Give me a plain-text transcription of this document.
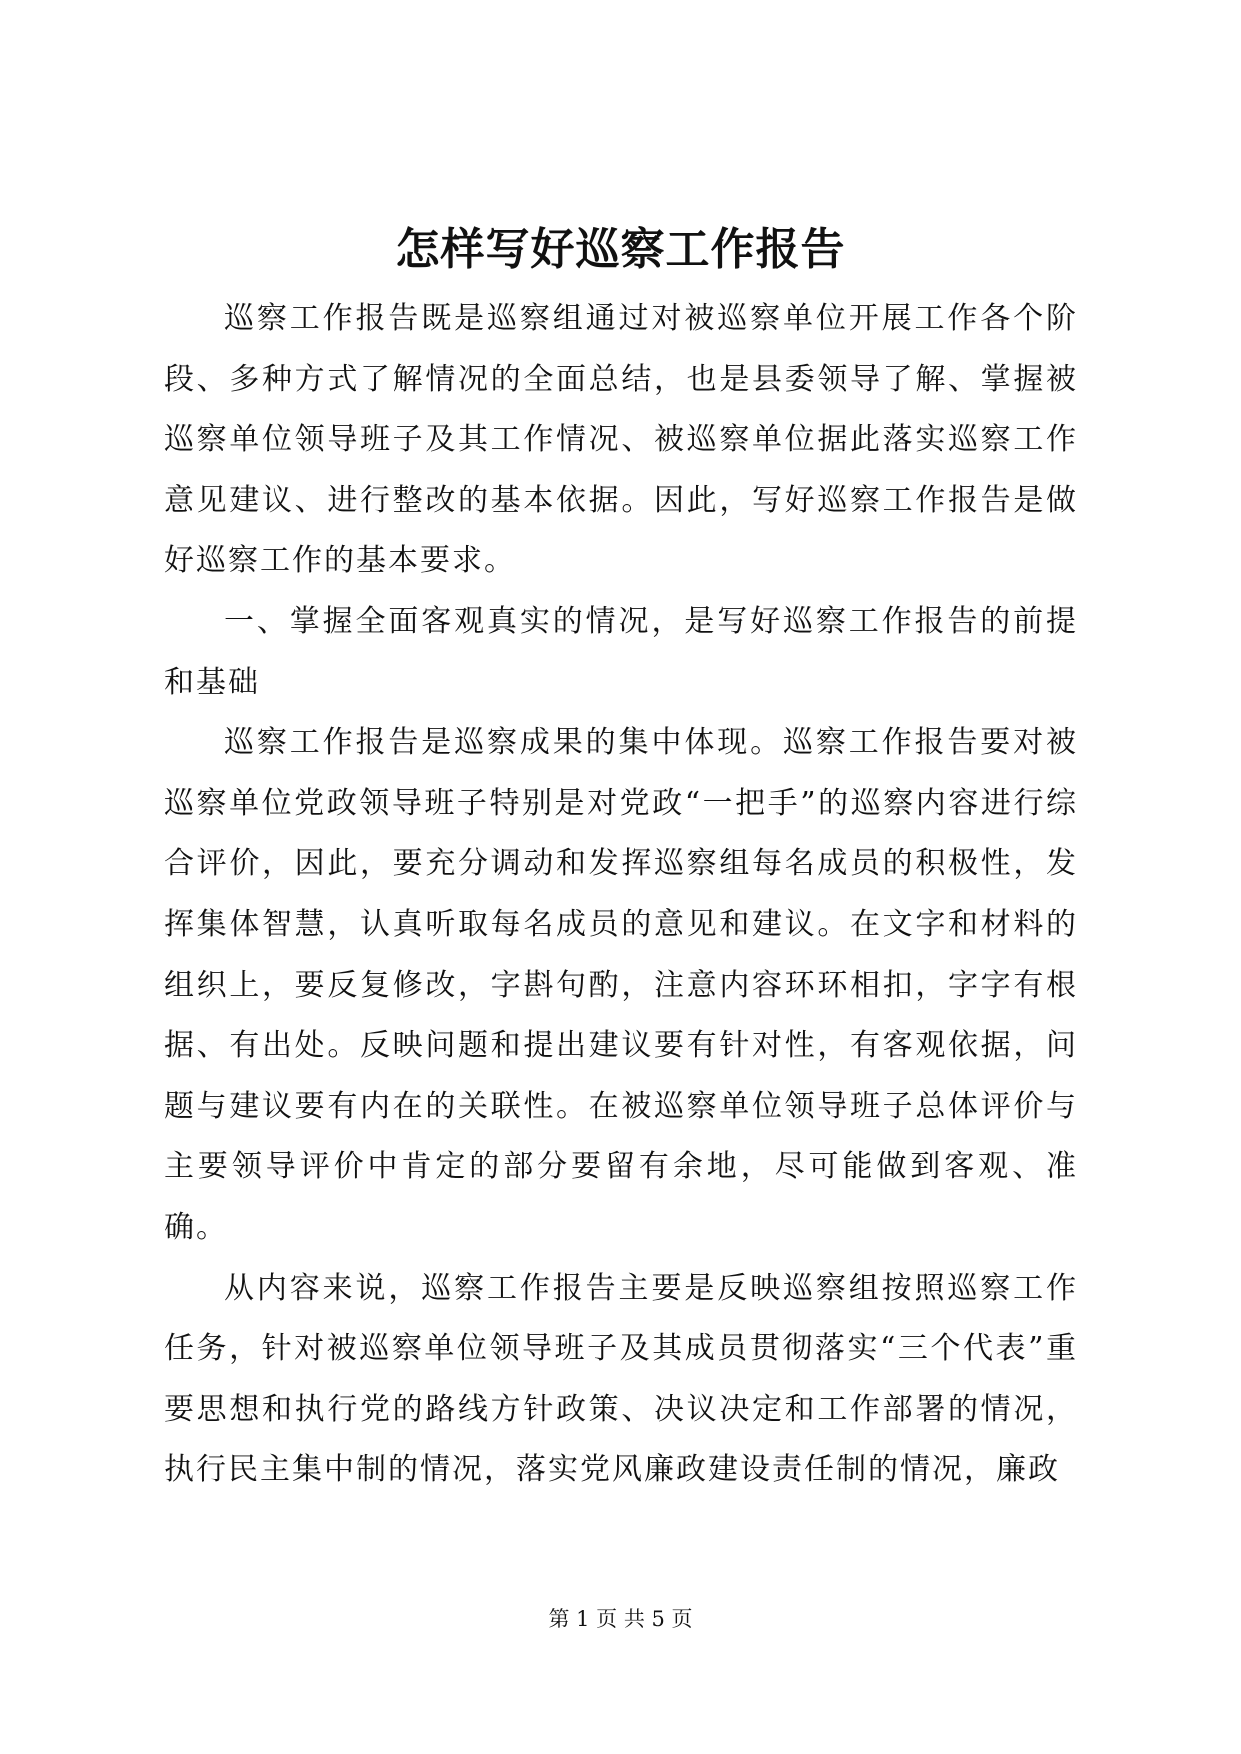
怎样写好巡察工作报告

巡察工作报告既是巡察组通过对被巡察单位开展工作各个阶段、多种方式了解情况的全面总结，也是县委领导了解、掌握被巡察单位领导班子及其工作情况、被巡察单位据此落实巡察工作意见建议、进行整改的基本依据。因此，写好巡察工作报告是做好巡察工作的基本要求。

一、掌握全面客观真实的情况，是写好巡察工作报告的前提和基础

巡察工作报告是巡察成果的集中体现。巡察工作报告要对被巡察单位党政领导班子特别是对党政“一把手”的巡察内容进行综合评价，因此，要充分调动和发挥巡察组每名成员的积极性，发挥集体智慧，认真听取每名成员的意见和建议。在文字和材料的组织上，要反复修改，字斟句酌，注意内容环环相扣，字字有根据、有出处。反映问题和提出建议要有针对性，有客观依据，问题与建议要有内在的关联性。在被巡察单位领导班子总体评价与主要领导评价中肯定的部分要留有余地，尽可能做到客观、准确。

从内容来说，巡察工作报告主要是反映巡察组按照巡察工作任务，针对被巡察单位领导班子及其成员贯彻落实“三个代表”重要思想和执行党的路线方针政策、决议决定和工作部署的情况，执行民主集中制的情况，落实党风廉政建设责任制的情况，廉政

第 1 页 共 5 页
